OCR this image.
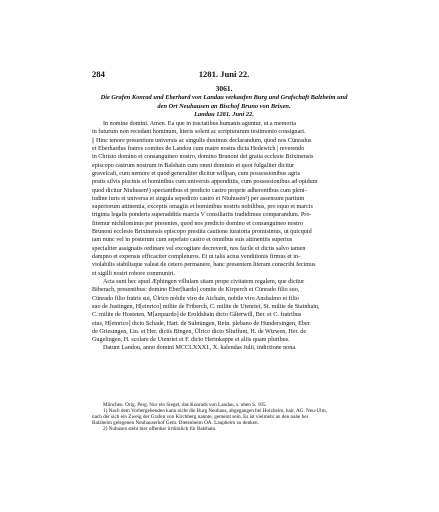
284	1281. Juni 22.
3061.
Die Grafen Konrad und Eberhard von Landau verkaufen Burg und Grafschaft Balzheim und
den Ort Neuhausen an Bischof Bruno von Brixen.
Landau 1281. Juni 22.
In nomine domini. Amen. Ea que in tractatibus humanis aguntur, ut a memoria
in futurum non recedant hominum, literis solent ac scripturarum testimonio consignari.
|| Hinc tenore presentium universis ac singulis duximus declarandum, quod nos Cūnradus
et Eberhardus fratres comites de Landou cum matre nostra dicta Hedewich | reverendo
in Christo domino et consanguineo nostro, domino Brunoni dei gratia ecclesie Brixinensis
episcopo castrum nostrum in Balshain cum omni dominio et quot fulgaliter dicitur
graveſcaſt, cum nemore et quod generaliter dicitur willpan, cum possessionibus agris
pratis silvis piscinis et hominibus cum universis appenditiis, cum possessionibus ad opidum
quod dicitur Niuhusen¹) spectantibus et predicto castro proprie adherentibus cum pleni-
tudine iuris et universa et singula sepedicto castro et Niuhusen²) per assensum partium
superiorum attinentia, exceptis omagiis et hominibus nostris nobilibus, pro equo et marcis
triginta legalis ponderis superadditis marcis V consiliariis tradidimus comparandum. Pro-
fitemur nichilominus per presentes, quod nos predicto domino et consanguineo nostro
Brunoni ecclesie Brixinensis episcopo prestita cautione iuratoria promisimus, ut quicquid
iam nunc vel in posterum cum sepefato castro et omnibus suis attinentiis superius
specialiter assignatis ordinare vel excogitare decreverit, nos facile et dictis salvo tamen
dampno et expensis efficaciter completuros. Et ut talis actus venditionis firmus et in-
violabilis stabilisque valeat de cetero permanere, hanc presentem literam conscribi fecimus
et sigilli nostri robore communiri.
Acta sunt hec apud Æphingen villulam sitam prope civitatem regalem, que dicitur
Biberach, presentibus: domino Eber[hardo] comite de Kirperch et Cūnrado filio suo,
Cūnrado filio fratris sui, Ŭlrico nobile viro de Aichain, nobile viro Anshalmo et filio
suo de Justingen, H[einrico] milite de Friberch, C. milite de Utenriet, St. milite de Stainhain,
C. milite de Hosteten, M[arquardo] de Eroldshain dicto Gǎterwill, Ber. et C. fratribus
eius, H[einrico] dicto Schade, Hart. de Sulmingen, Rein. plebano de Hundersingen, Eber.
de Griesingen, Liu. et Her. dictis Bingen, Ŭlrico dicto Sliuffunt, H. de Wizwen, Her. de
Gugelingen, H. scolare de Utenriet et F. dicto Herinkappe et aliis quam pluribus.
Datum Landou, anno domini MCCLXXXI., X. kalendas Julii, indictione nona.
München. Orig. Perg. Nur ein Siegel, das Konrads von Landau, s. oben S. 165.
1) Nach dem Vorhergehenden kann nicht die Burg Neuhaus, abgegangen bei Holzheim, hair. AG. Neu-Ulm,
nach der sich ein Zweig der Grafen von Kirchberg nannte, gemeint sein. Es ist vielmehr an den nahe bei
Balzheim gelegenen Neuhauserhof Gem. Dietenheim OA. Laupheim zu denken.
2) Nuhusen steht hier offenbar irrtümlich für Balshain.
